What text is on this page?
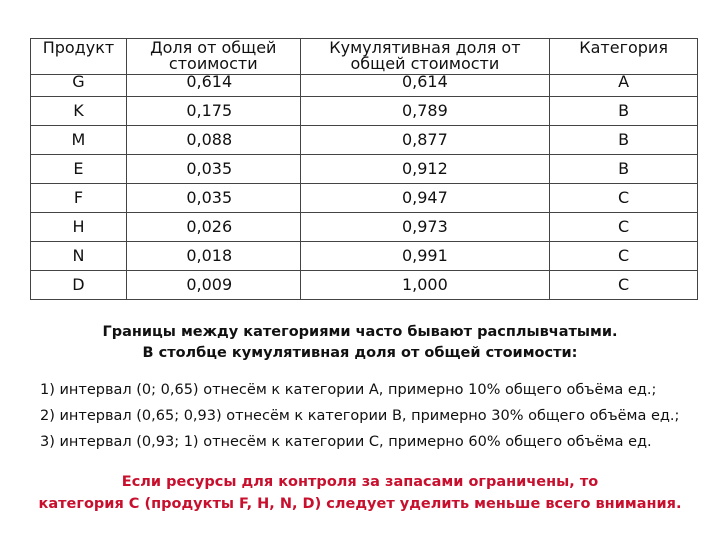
Продукт	Доля от общей стоимости	Кумулятивная доля от общей стоимости	Категория
G	0,614	0,614	A
K	0,175	0,789	B
M	0,088	0,877	B
E	0,035	0,912	B
F	0,035	0,947	C
H	0,026	0,973	C
N	0,018	0,991	C
D	0,009	1,000	C
Границы между категориями часто бывают расплывчатыми.
В столбце кумулятивная доля от общей стоимости:
1) интервал (0; 0,65) отнесём к категории А, примерно 10% общего объёма ед.;
2) интервал (0,65; 0,93) отнесём к категории В, примерно 30% общего объёма ед.;
3) интервал (0,93; 1) отнесём к категории С, примерно 60% общего объёма ед.
Если ресурсы для контроля за запасами ограничены, то
категория С (продукты F, H, N, D) следует уделить меньше всего внимания.
